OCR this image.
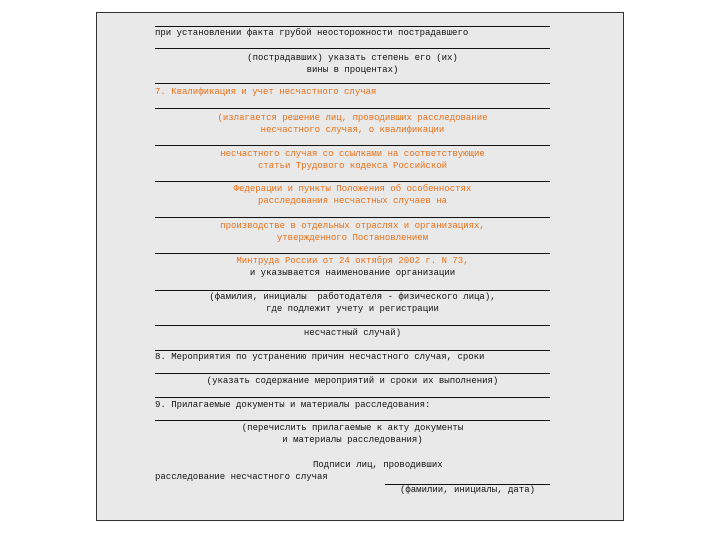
при установлении факта грубой неосторожности пострадавшего
(пострадавших) указать степень его (их)
вины в процентах)
7. Квалификация и учет несчастного случая
(излагается решение лиц, проводивших расследование
несчастного случая, о квалификации
несчастного случая со ссылками на соответствующие
статьи Трудового кодекса Российской
Федерации и пункты Положения об особенностях
расследования несчастных случаев на
производстве в отдельных отраслях и организациях,
утвержденного Постановлением
Минтруда России от 24 октября 2002 г. N 73,
и указывается наименование организации
(фамилия, инициалы  работодателя - физического лица),
где подлежит учету и регистрации
несчастный случай)
8. Мероприятия по устранению причин несчастного случая, сроки
(указать содержание мероприятий и сроки их выполнения)
9. Прилагаемые документы и материалы расследования:
(перечислить прилагаемые к акту документы
и материалы расследования)
Подписи лиц, проводивших
расследование несчастного случая
(фамилии, инициалы, дата)
